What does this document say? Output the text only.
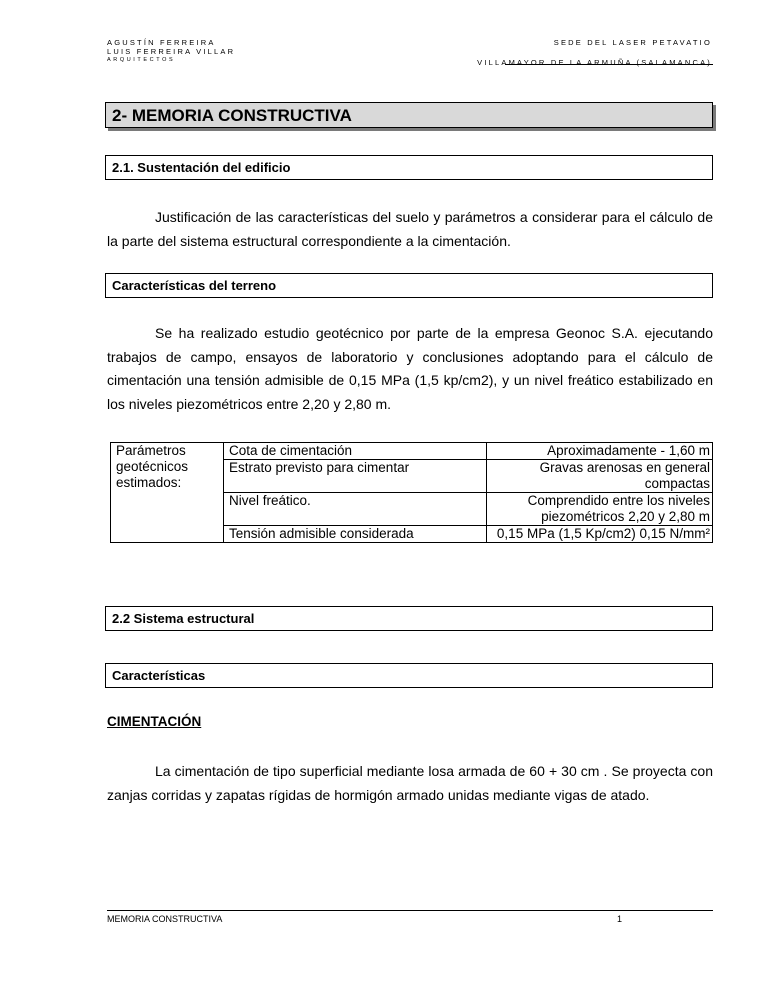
AGUSTÍN FERREIRA
LUIS FERREIRA VILLAR
ARQUITECTOS
SEDE DEL LASER PETAVATIO
VILLAMAYOR DE LA ARMUÑA (SALAMANCA)
2- MEMORIA CONSTRUCTIVA
2.1. Sustentación del edificio
Justificación de las características del suelo y parámetros a considerar para el cálculo de la parte del sistema estructural correspondiente a la cimentación.
Características del terreno
Se ha realizado estudio geotécnico por parte de la empresa Geonoc S.A. ejecutando trabajos de campo, ensayos de laboratorio y conclusiones adoptando para el cálculo de cimentación una tensión admisible de 0,15 MPa (1,5 kp/cm2), y un nivel freático estabilizado en los niveles piezométricos entre 2,20 y 2,80 m.
Parámetros geotécnicos estimados:	Cota de cimentación	Aproximadamente - 1,60 m
	Estrato previsto para cimentar	Gravas arenosas en general compactas
	Nivel freático.	Comprendido entre los niveles piezométricos 2,20 y 2,80 m
	Tensión admisible considerada	0,15 MPa (1,5 Kp/cm2) 0,15 N/mm²
2.2 Sistema estructural
Características
CIMENTACIÓN
La cimentación de tipo superficial mediante losa armada de 60 + 30 cm . Se proyecta con zanjas corridas y zapatas rígidas de hormigón armado unidas mediante vigas de atado.
MEMORIA CONSTRUCTIVA	1
